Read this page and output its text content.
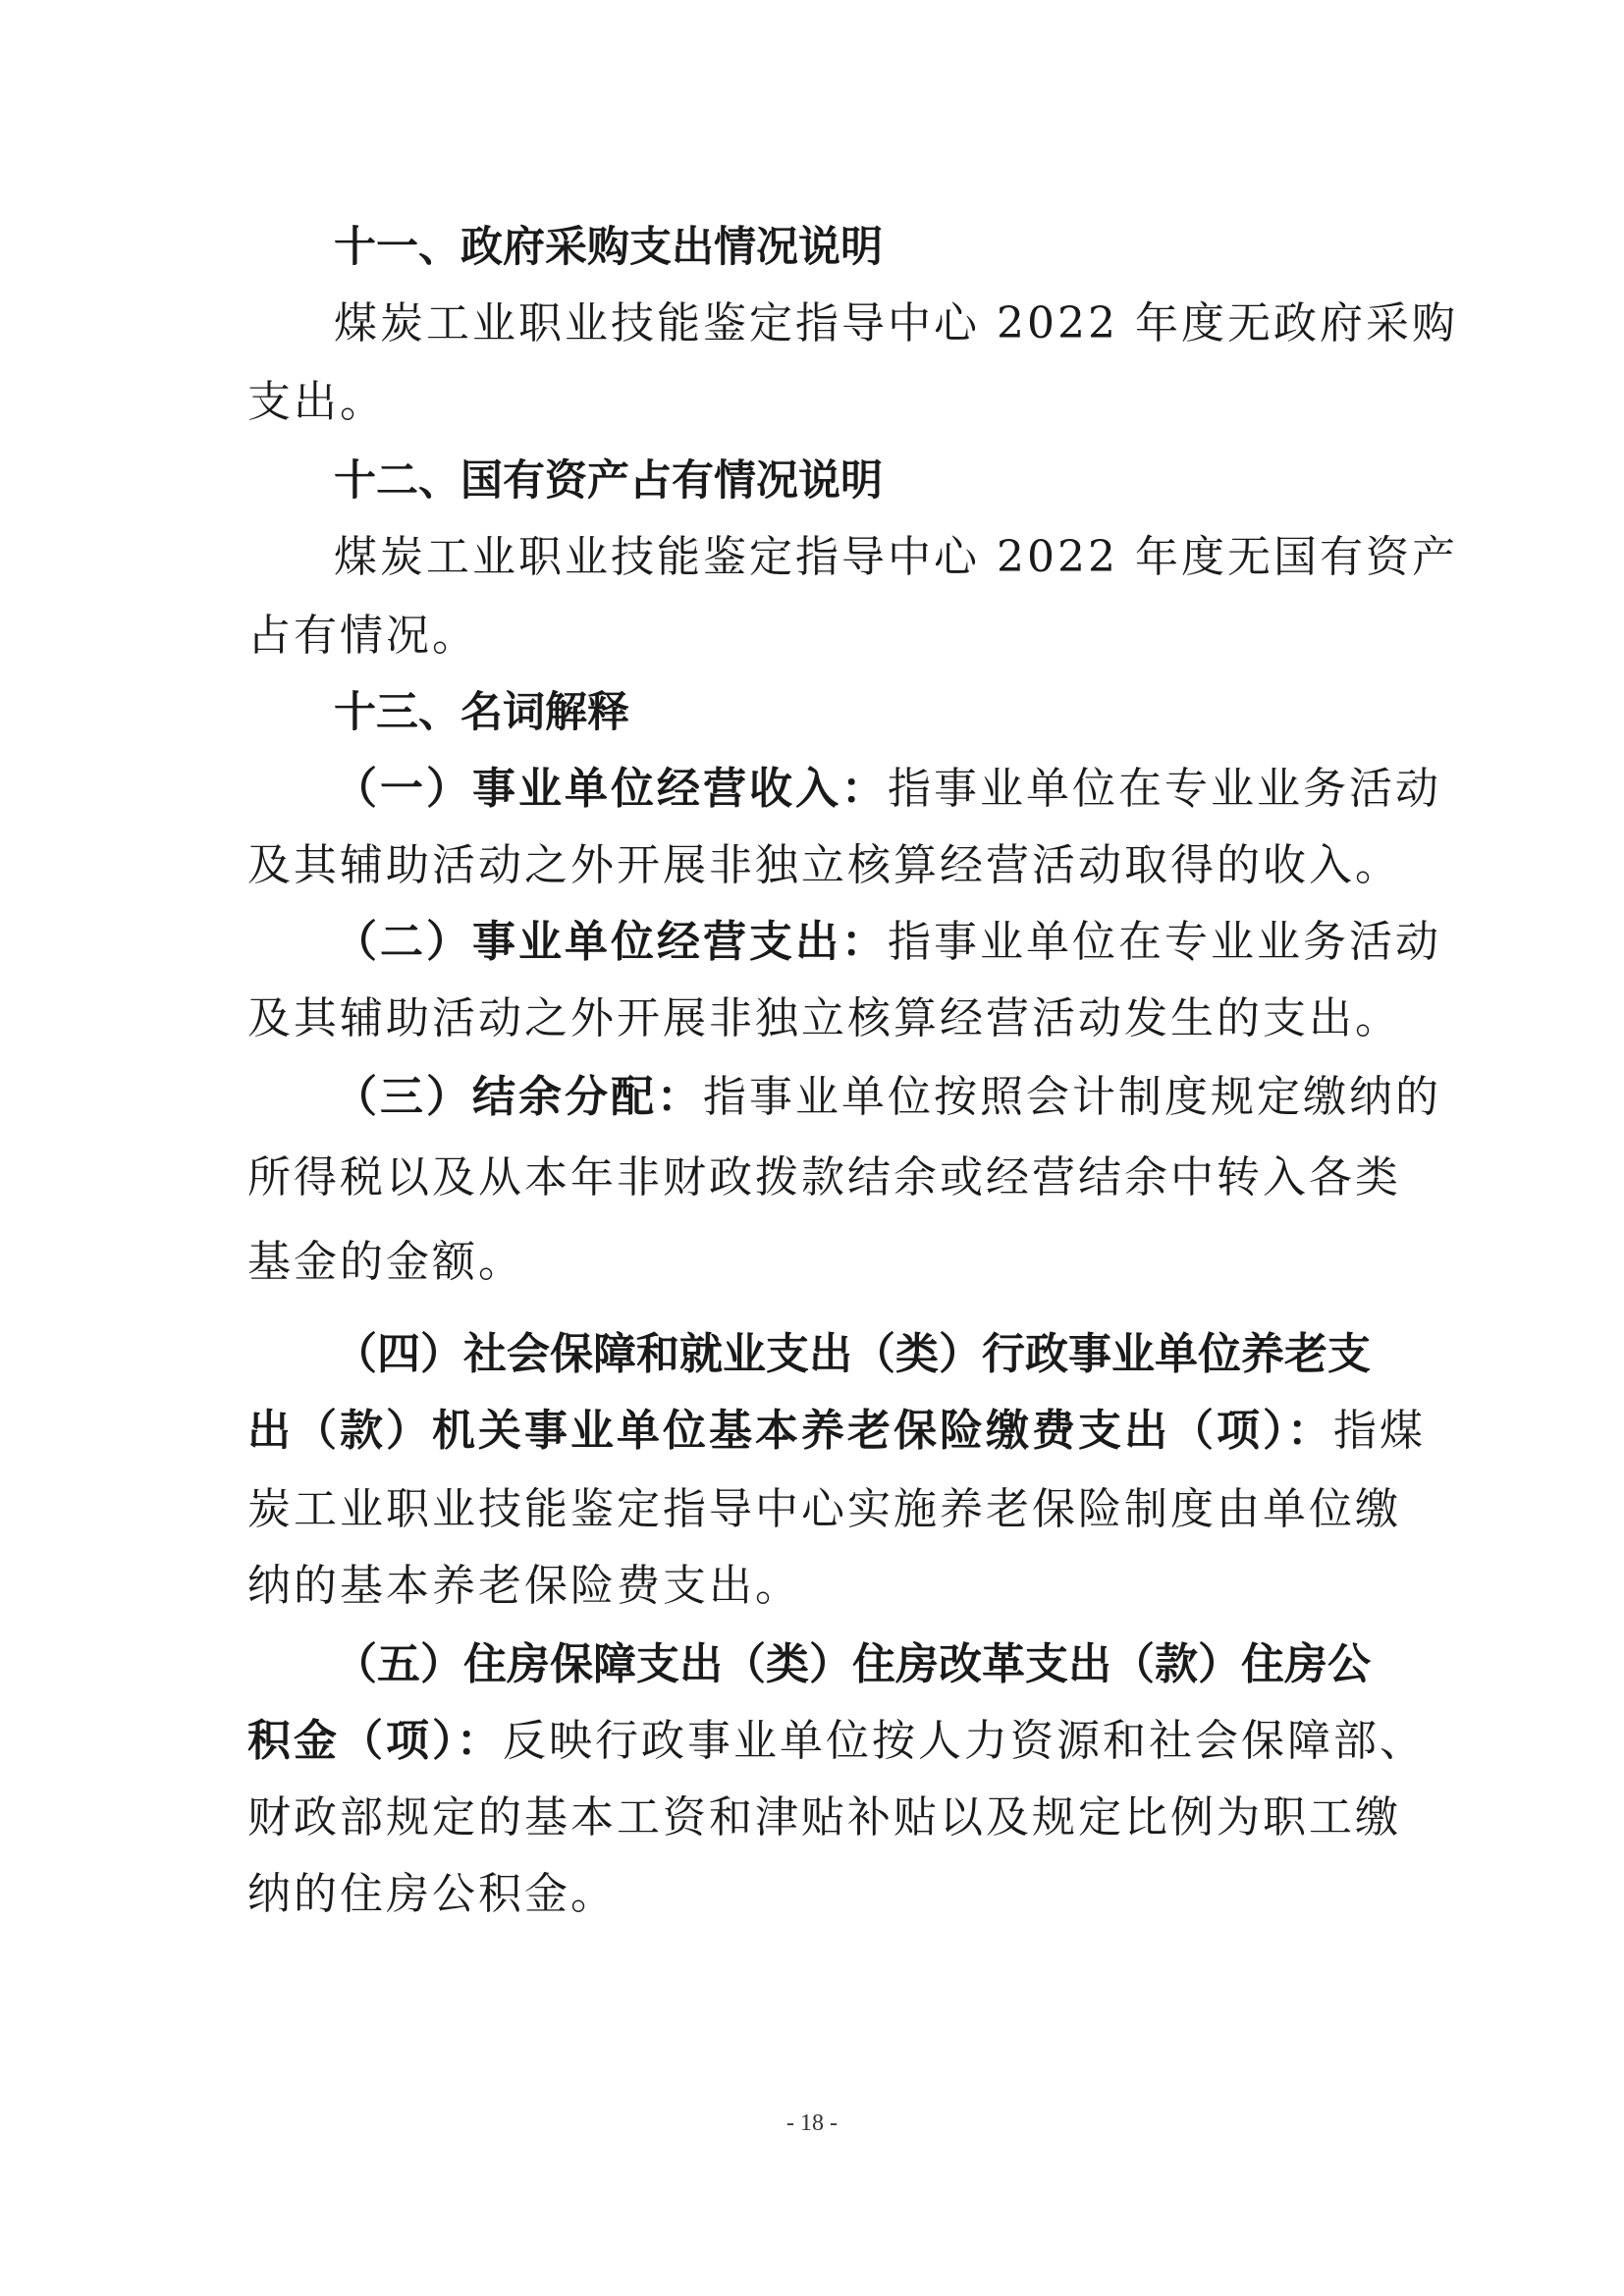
十一、政府采购支出情况说明
煤炭工业职业技能鉴定指导中心 2022 年度无政府采购
支出。
十二、国有资产占有情况说明
煤炭工业职业技能鉴定指导中心 2022 年度无国有资产
占有情况。
十三、名词解释
（一）事业单位经营收入：指事业单位在专业业务活动
及其辅助活动之外开展非独立核算经营活动取得的收入。
（二）事业单位经营支出：指事业单位在专业业务活动
及其辅助活动之外开展非独立核算经营活动发生的支出。
（三）结余分配：指事业单位按照会计制度规定缴纳的
所得税以及从本年非财政拨款结余或经营结余中转入各类
基金的金额。
（四）社会保障和就业支出（类）行政事业单位养老支
出（款）机关事业单位基本养老保险缴费支出（项）：指煤
炭工业职业技能鉴定指导中心实施养老保险制度由单位缴
纳的基本养老保险费支出。
（五）住房保障支出（类）住房改革支出（款）住房公
积金（项）：反映行政事业单位按人力资源和社会保障部、
财政部规定的基本工资和津贴补贴以及规定比例为职工缴
纳的住房公积金。
- 18 -
